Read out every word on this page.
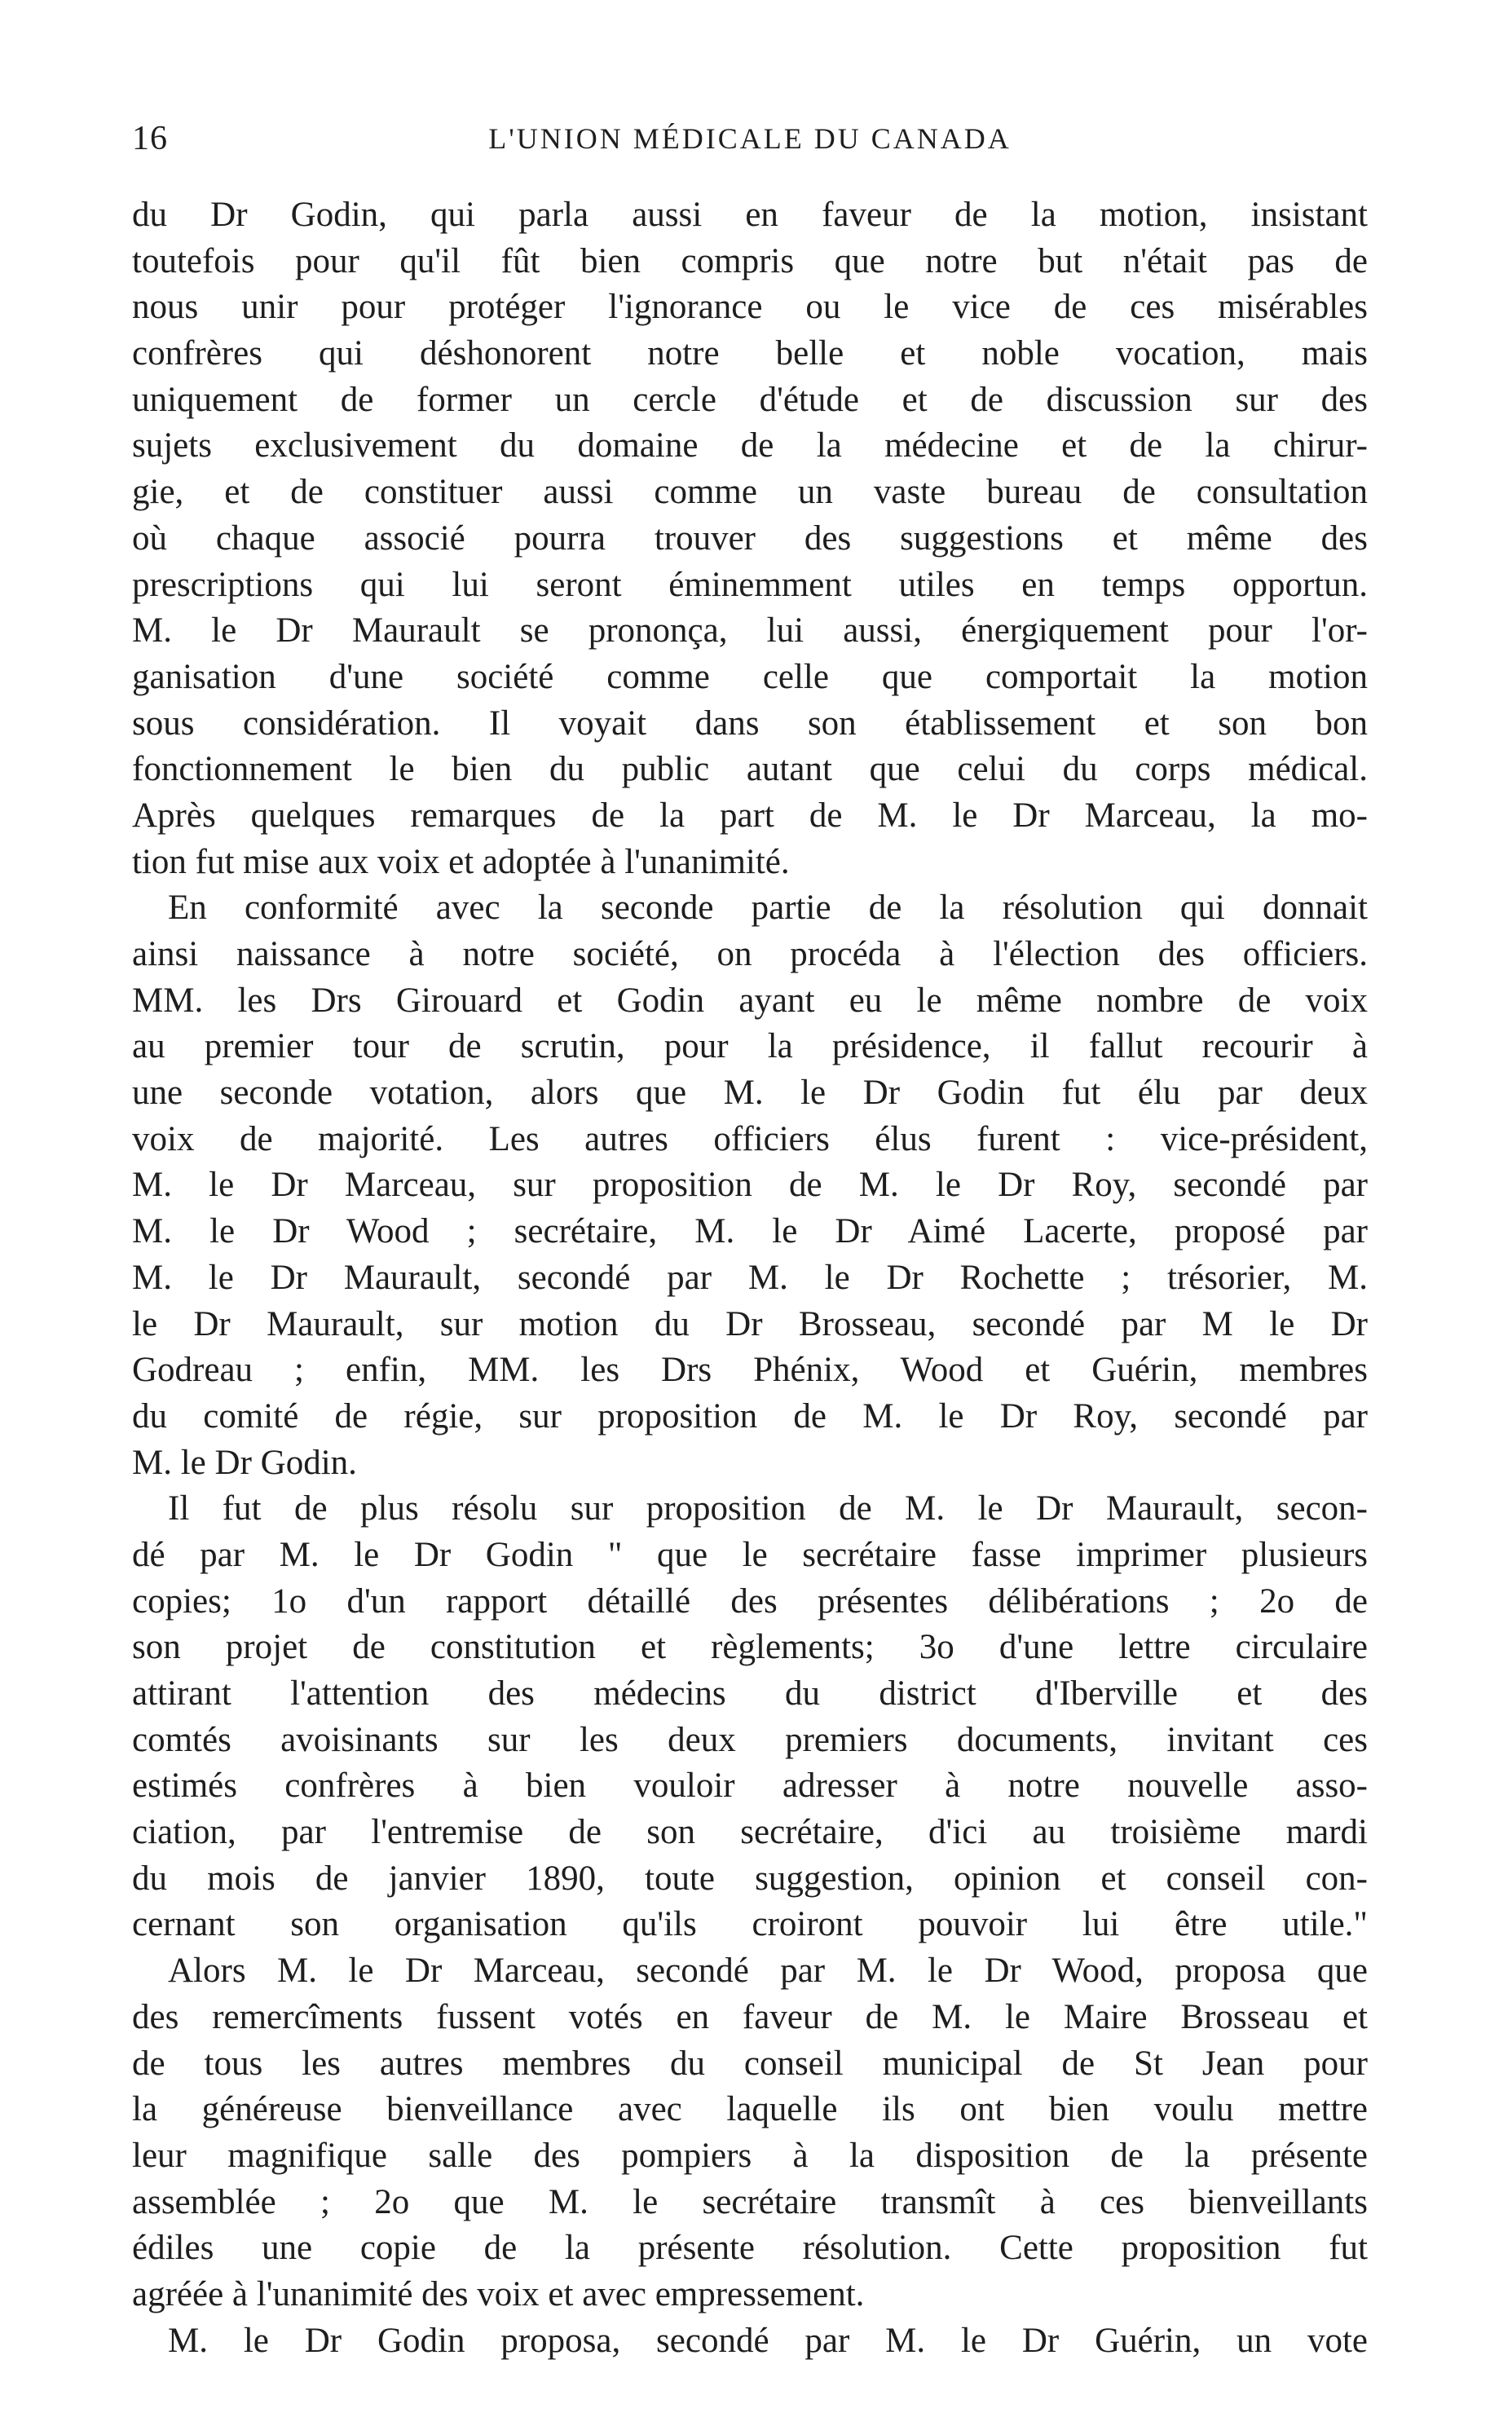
16	L'UNION MÉDICALE DU CANADA
du Dr Godin, qui parla aussi en faveur de la motion, insistant
toutefois pour qu'il fût bien compris que notre but n'était pas de
nous unir pour protéger l'ignorance ou le vice de ces misérables
confrères qui déshonorent notre belle et noble vocation, mais
uniquement de former un cercle d'étude et de discussion sur des
sujets exclusivement du domaine de la médecine et de la chirur-
gie, et de constituer aussi comme un vaste bureau de consultation
où chaque associé pourra trouver des suggestions et même des
prescriptions qui lui seront éminemment utiles en temps opportun.
M. le Dr Maurault se prononça, lui aussi, énergiquement pour l'or-
ganisation d'une société comme celle que comportait la motion
sous considération. Il voyait dans son établissement et son bon
fonctionnement le bien du public autant que celui du corps médical.
Après quelques remarques de la part de M. le Dr Marceau, la mo-
tion fut mise aux voix et adoptée à l'unanimité.
En conformité avec la seconde partie de la résolution qui donnait
ainsi naissance à notre société, on procéda à l'élection des officiers.
MM. les Drs Girouard et Godin ayant eu le même nombre de voix
au premier tour de scrutin, pour la présidence, il fallut recourir à
une seconde votation, alors que M. le Dr Godin fut élu par deux
voix de majorité. Les autres officiers élus furent : vice-président,
M. le Dr Marceau, sur proposition de M. le Dr Roy, secondé par
M. le Dr Wood ; secrétaire, M. le Dr Aimé Lacerte, proposé par
M. le Dr Maurault, secondé par M. le Dr Rochette ; trésorier, M.
le Dr Maurault, sur motion du Dr Brosseau, secondé par M le Dr
Godreau ; enfin, MM. les Drs Phénix, Wood et Guérin, membres
du comité de régie, sur proposition de M. le Dr Roy, secondé par
M. le Dr Godin.
Il fut de plus résolu sur proposition de M. le Dr Maurault, secon-
dé par M. le Dr Godin " que le secrétaire fasse imprimer plusieurs
copies; 1o d'un rapport détaillé des présentes délibérations ; 2o de
son projet de constitution et règlements; 3o d'une lettre circulaire
attirant l'attention des médecins du district d'Iberville et des
comtés avoisinants sur les deux premiers documents, invitant ces
estimés confrères à bien vouloir adresser à notre nouvelle asso-
ciation, par l'entremise de son secrétaire, d'ici au troisième mardi
du mois de janvier 1890, toute suggestion, opinion et conseil con-
cernant son organisation qu'ils croiront pouvoir lui être utile."
Alors M. le Dr Marceau, secondé par M. le Dr Wood, proposa que
des remercîments fussent votés en faveur de M. le Maire Brosseau et
de tous les autres membres du conseil municipal de St Jean pour
la généreuse bienveillance avec laquelle ils ont bien voulu mettre
leur magnifique salle des pompiers à la disposition de la présente
assemblée ; 2o que M. le secrétaire transmît à ces bienveillants
édiles une copie de la présente résolution. Cette proposition fut
agréée à l'unanimité des voix et avec empressement.
M. le Dr Godin proposa, secondé par M. le Dr Guérin, un vote
